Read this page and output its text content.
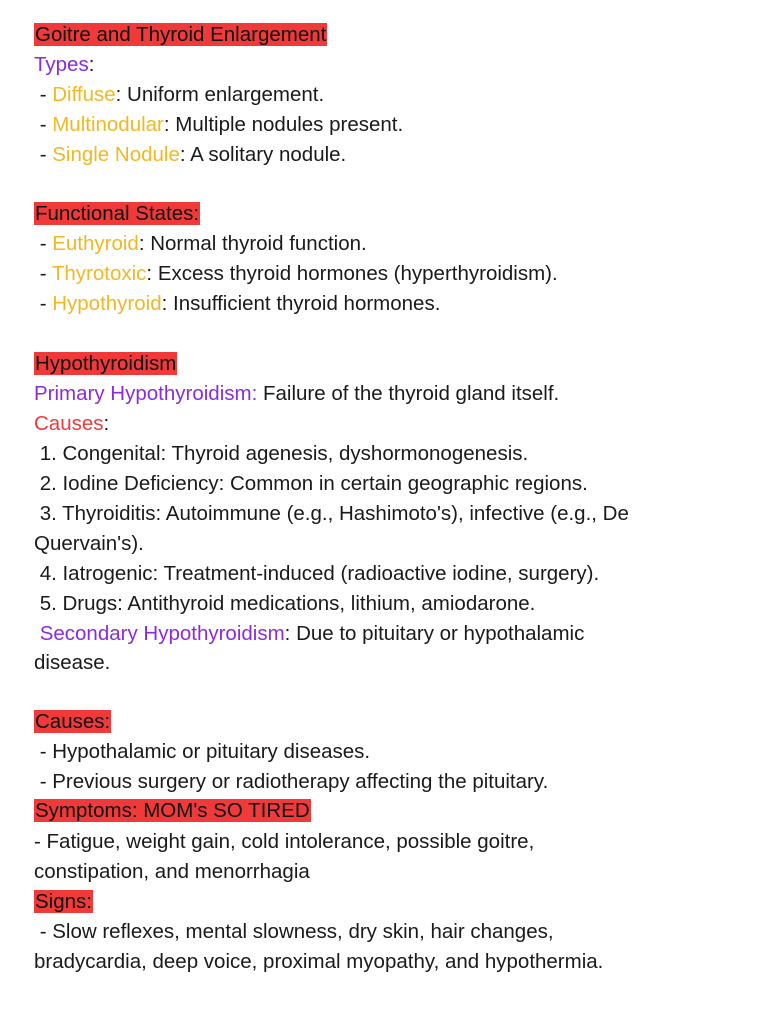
Goitre and Thyroid Enlargement
Types:
- Diffuse: Uniform enlargement.
- Multinodular: Multiple nodules present.
- Single Nodule: A solitary nodule.
Functional States:
- Euthyroid: Normal thyroid function.
- Thyrotoxic: Excess thyroid hormones (hyperthyroidism).
- Hypothyroid: Insufficient thyroid hormones.
Hypothyroidism
Primary Hypothyroidism: Failure of the thyroid gland itself.
Causes:
1. Congenital: Thyroid agenesis, dyshormonogenesis.
2. Iodine Deficiency: Common in certain geographic regions.
3. Thyroiditis: Autoimmune (e.g., Hashimoto's), infective (e.g., De
Quervain's).
4. Iatrogenic: Treatment-induced (radioactive iodine, surgery).
5. Drugs: Antithyroid medications, lithium, amiodarone.
Secondary Hypothyroidism: Due to pituitary or hypothalamic
disease.
Causes:
- Hypothalamic or pituitary diseases.
- Previous surgery or radiotherapy affecting the pituitary.
Symptoms: MOM's SO TIRED
- Fatigue, weight gain, cold intolerance, possible goitre,
constipation, and menorrhagia
Signs:
- Slow reflexes, mental slowness, dry skin, hair changes,
bradycardia, deep voice, proximal myopathy, and hypothermia.
